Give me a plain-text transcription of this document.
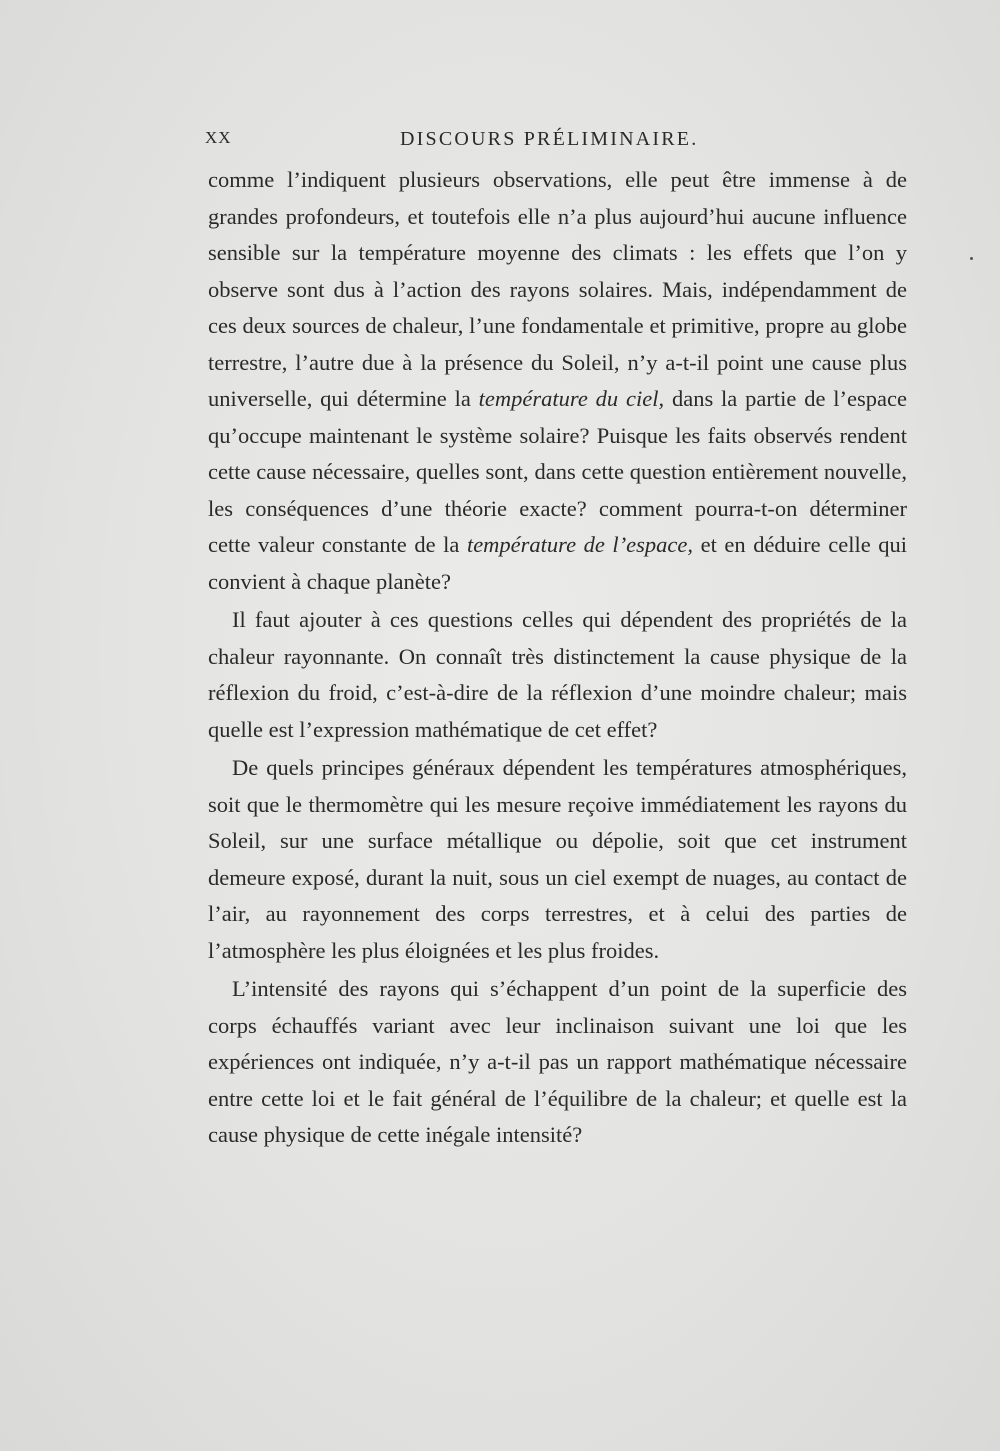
XX	DISCOURS PRÉLIMINAIRE.

comme l’indiquent plusieurs observations, elle peut être immense à de grandes profondeurs, et toutefois elle n’a plus aujourd’hui aucune influence sensible sur la température moyenne des climats : les effets que l’on y observe sont dus à l’action des rayons solaires. Mais, indépendamment de ces deux sources de chaleur, l’une fondamentale et primitive, propre au globe terrestre, l’autre due à la présence du Soleil, n’y a-t-il point une cause plus universelle, qui détermine la température du ciel, dans la partie de l’espace qu’occupe maintenant le système solaire? Puisque les faits observés rendent cette cause nécessaire, quelles sont, dans cette question entièrement nouvelle, les conséquences d’une théorie exacte? comment pourra-t-on déterminer cette valeur constante de la température de l’espace, et en déduire celle qui convient à chaque planète?

Il faut ajouter à ces questions celles qui dépendent des propriétés de la chaleur rayonnante. On connaît très distinctement la cause physique de la réflexion du froid, c’est-à-dire de la réflexion d’une moindre chaleur; mais quelle est l’expression mathématique de cet effet?

De quels principes généraux dépendent les températures atmosphériques, soit que le thermomètre qui les mesure reçoive immédiatement les rayons du Soleil, sur une surface métallique ou dépolie, soit que cet instrument demeure exposé, durant la nuit, sous un ciel exempt de nuages, au contact de l’air, au rayonnement des corps terrestres, et à celui des parties de l’atmosphère les plus éloignées et les plus froides.

L’intensité des rayons qui s’échappent d’un point de la superficie des corps échauffés variant avec leur inclinaison suivant une loi que les expériences ont indiquée, n’y a-t-il pas un rapport mathématique nécessaire entre cette loi et le fait général de l’équilibre de la chaleur; et quelle est la cause physique de cette inégale intensité?
